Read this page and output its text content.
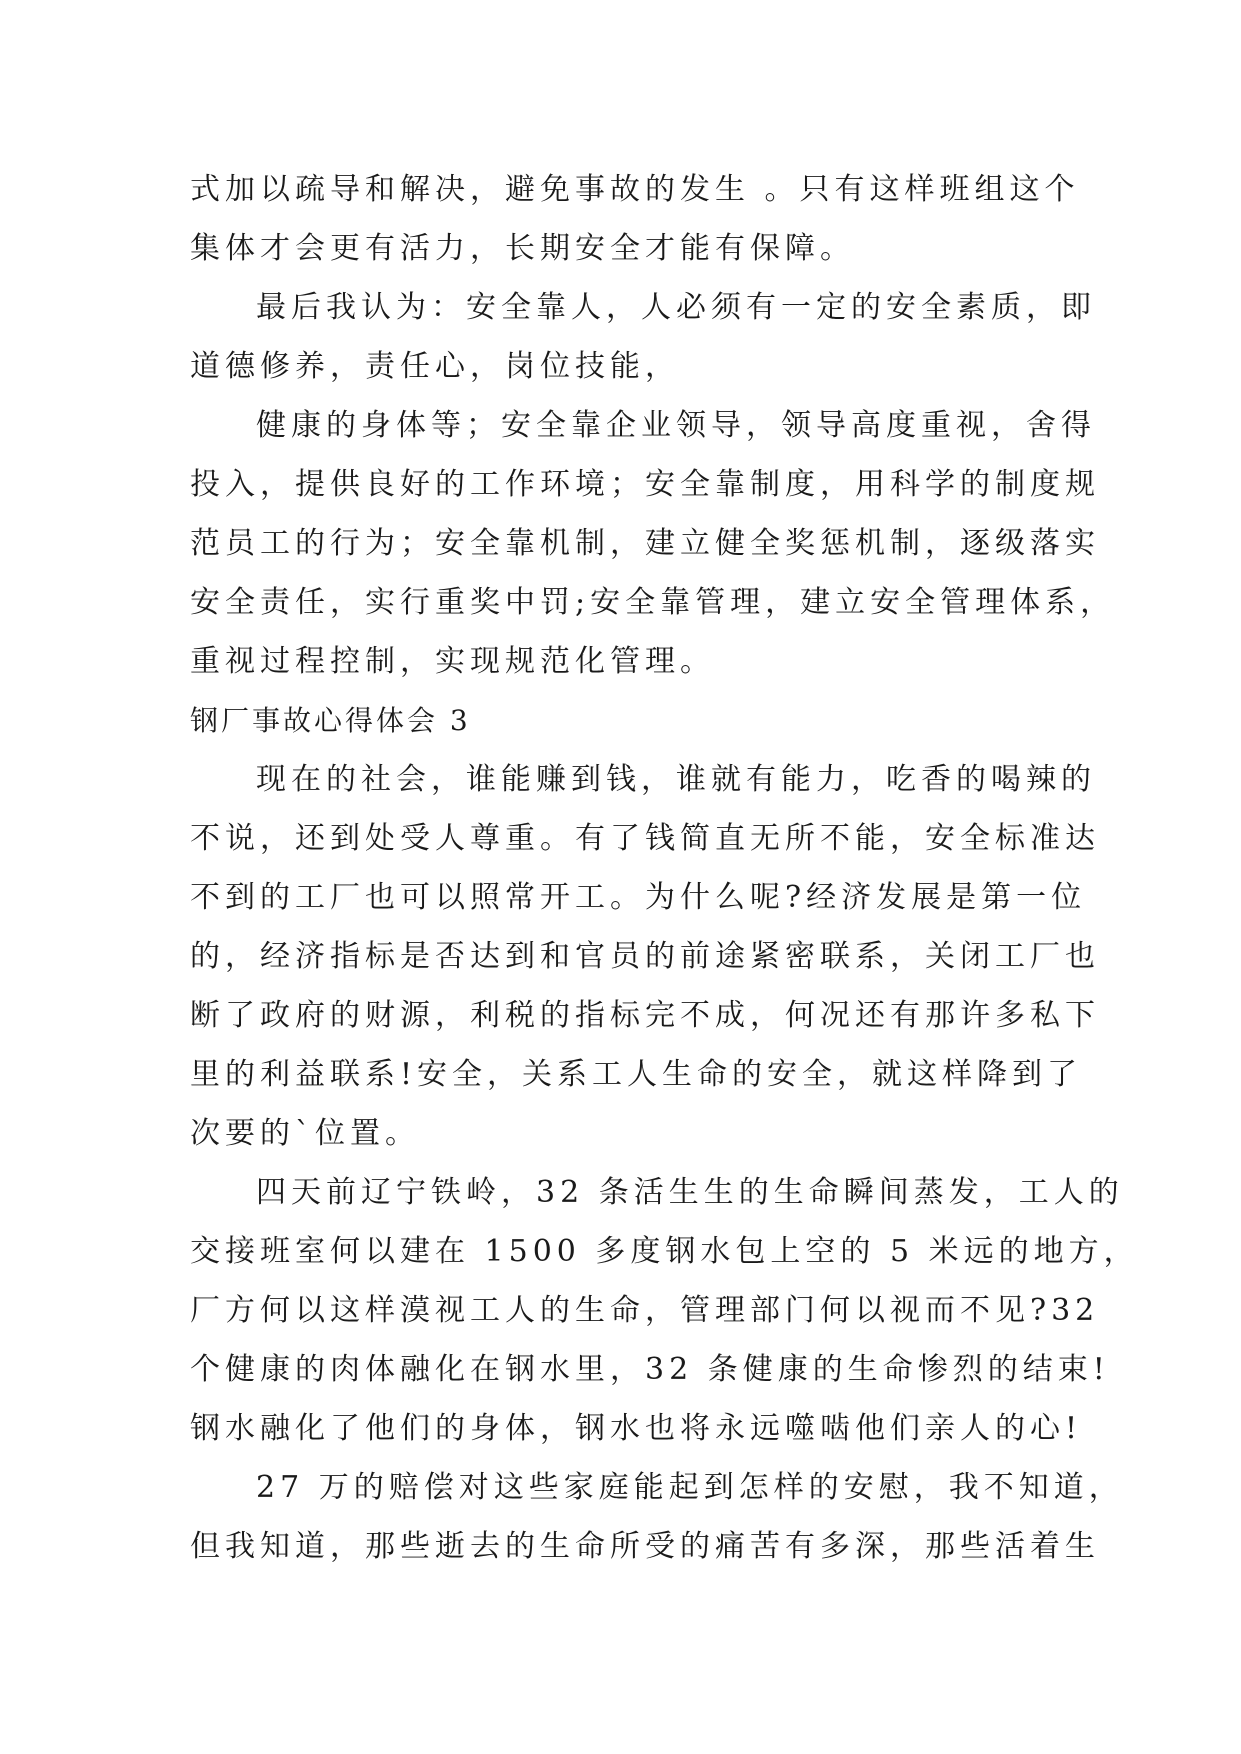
式加以疏导和解决，避免事故的发生 。只有这样班组这个
集体才会更有活力，长期安全才能有保障。
最后我认为：安全靠人，人必须有一定的安全素质，即
道德修养，责任心，岗位技能，
健康的身体等；安全靠企业领导，领导高度重视，舍得
投入，提供良好的工作环境；安全靠制度，用科学的制度规
范员工的行为；安全靠机制，建立健全奖惩机制，逐级落实
安全责任，实行重奖中罚;安全靠管理，建立安全管理体系，
重视过程控制，实现规范化管理。
钢厂事故心得体会 3
现在的社会，谁能赚到钱，谁就有能力，吃香的喝辣的
不说，还到处受人尊重。有了钱简直无所不能，安全标准达
不到的工厂也可以照常开工。为什么呢?经济发展是第一位
的，经济指标是否达到和官员的前途紧密联系，关闭工厂也
断了政府的财源，利税的指标完不成，何况还有那许多私下
里的利益联系!安全，关系工人生命的安全，就这样降到了
次要的`位置。
四天前辽宁铁岭，32 条活生生的生命瞬间蒸发，工人的
交接班室何以建在 1500 多度钢水包上空的 5 米远的地方，
厂方何以这样漠视工人的生命，管理部门何以视而不见?32
个健康的肉体融化在钢水里，32 条健康的生命惨烈的结束!
钢水融化了他们的身体，钢水也将永远噬啮他们亲人的心!
27 万的赔偿对这些家庭能起到怎样的安慰，我不知道，
但我知道，那些逝去的生命所受的痛苦有多深，那些活着生
